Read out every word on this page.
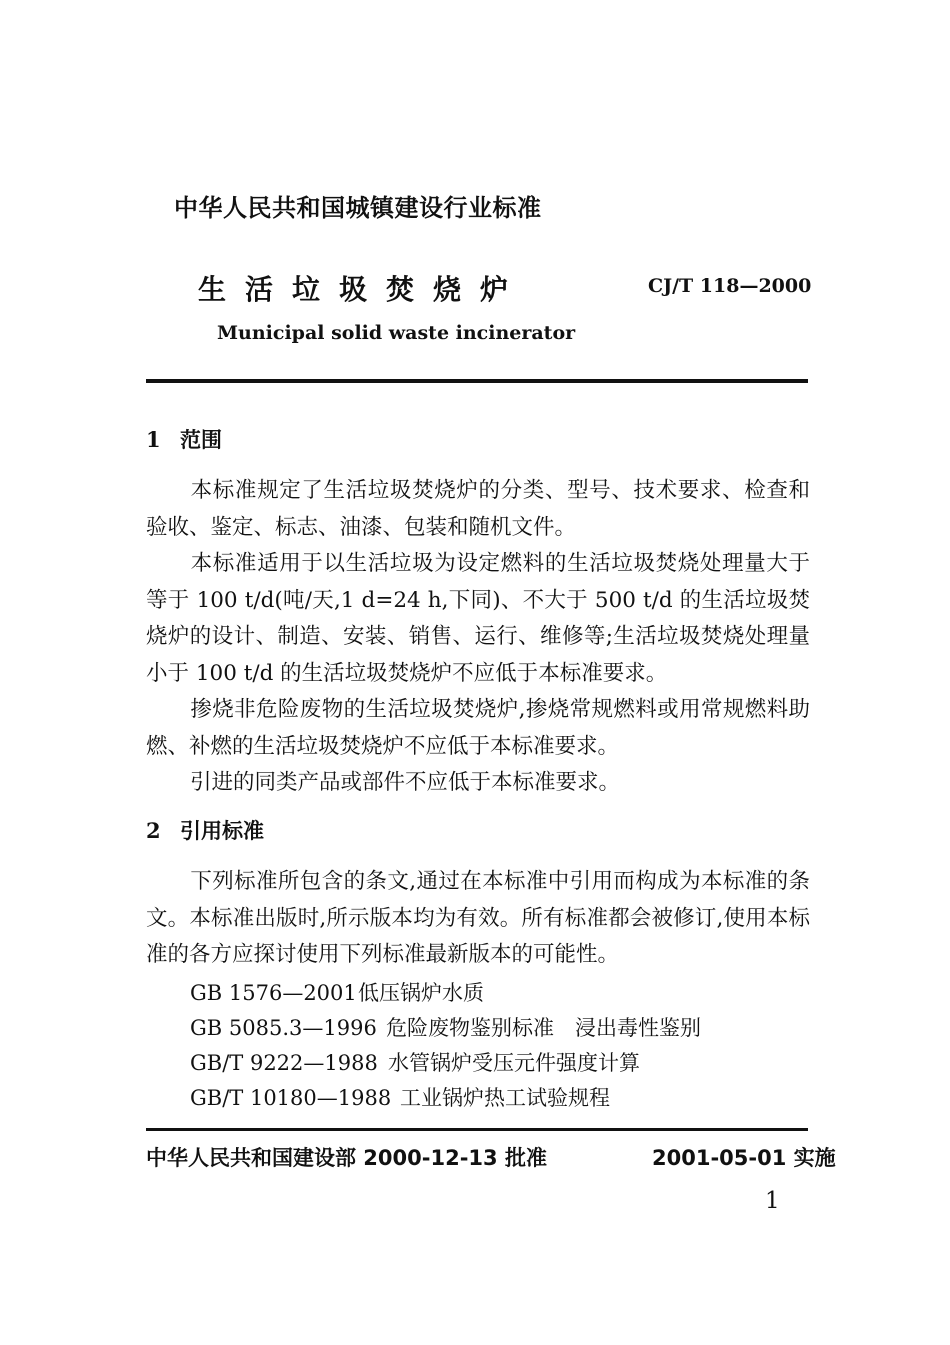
中华人民共和国城镇建设行业标准
生活垃圾焚烧炉	CJ/T 118—2000
Municipal solid waste incinerator
1 范围
本标准规定了生活垃圾焚烧炉的分类、型号、技术要求、检查和验收、鉴定、标志、油漆、包装和随机文件。
本标准适用于以生活垃圾为设定燃料的生活垃圾焚烧处理量大于等于 100 t/d(吨/天,1 d=24 h,下同)、不大于 500 t/d 的生活垃圾焚烧炉的设计、制造、安装、销售、运行、维修等;生活垃圾焚烧处理量小于 100 t/d 的生活垃圾焚烧炉不应低于本标准要求。
掺烧非危险废物的生活垃圾焚烧炉,掺烧常规燃料或用常规燃料助燃、补燃的生活垃圾焚烧炉不应低于本标准要求。
引进的同类产品或部件不应低于本标准要求。
2 引用标准
下列标准所包含的条文,通过在本标准中引用而构成为本标准的条文。本标准出版时,所示版本均为有效。所有标准都会被修订,使用本标准的各方应探讨使用下列标准最新版本的可能性。
GB 1576—2001低压锅炉水质
GB 5085.3—1996 危险废物鉴别标准　浸出毒性鉴别
GB/T 9222—1988 水管锅炉受压元件强度计算
GB/T 10180—1988 工业锅炉热工试验规程
中华人民共和国建设部 2000-12-13 批准	2001-05-01 实施
1
